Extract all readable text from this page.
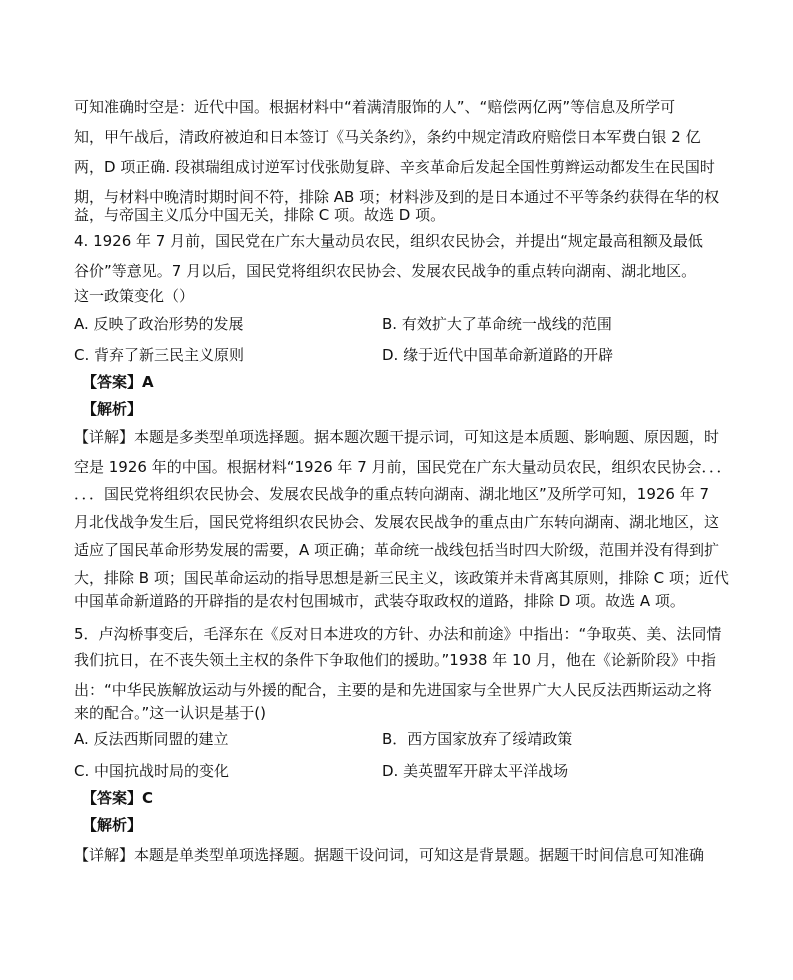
可知准确时空是：近代中国。根据材料中“着满清服饰的人”、“赔偿两亿两”等信息及所学可
知，甲午战后，清政府被迫和日本签订《马关条约》，条约中规定清政府赔偿日本军费白银 2 亿
两，D 项正确. 段祺瑞组成讨逆军讨伐张勋复辟、辛亥革命后发起全国性剪辫运动都发生在民国时
期，与材料中晚清时期时间不符，排除 AB 项；材料涉及到的是日本通过不平等条约获得在华的权
益，与帝国主义瓜分中国无关，排除 C 项。故选 D 项。
4. 1926 年 7 月前，国民党在广东大量动员农民，组织农民协会，并提出“规定最高租额及最低
谷价”等意见。7 月以后，国民党将组织农民协会、发展农民战争的重点转向湖南、湖北地区。
这一政策变化（）
A. 反映了政治形势的发展	B. 有效扩大了革命统一战线的范围
C. 背弃了新三民主义原则	D. 缘于近代中国革命新道路的开辟
【答案】A
【解析】
【详解】本题是多类型单项选择题。据本题次题干提示词，可知这是本质题、影响题、原因题，时
空是 1926 年的中国。根据材料“1926 年 7 月前，国民党在广东大量动员农民，组织农民协会．．．
．．．国民党将组织农民协会、发展农民战争的重点转向湖南、湖北地区”及所学可知，1926 年 7
月北伐战争发生后，国民党将组织农民协会、发展农民战争的重点由广东转向湖南、湖北地区，这
适应了国民革命形势发展的需要，A 项正确；革命统一战线包括当时四大阶级，范围并没有得到扩
大，排除 B 项；国民革命运动的指导思想是新三民主义，该政策并未背离其原则，排除 C 项；近代
中国革命新道路的开辟指的是农村包围城市，武装夺取政权的道路，排除 D 项。故选 A 项。
5．卢沟桥事变后，毛泽东在《反对日本进攻的方针、办法和前途》中指出：“争取英、美、法同情
我们抗日，在不丧失领土主权的条件下争取他们的援助。”1938 年 10 月，他在《论新阶段》中指
出：“中华民族解放运动与外援的配合，主要的是和先进国家与全世界广大人民反法西斯运动之将
来的配合。”这一认识是基于()
A. 反法西斯同盟的建立	B．西方国家放弃了绥靖政策
C. 中国抗战时局的变化	D. 美英盟军开辟太平洋战场
【答案】C
【解析】
【详解】本题是单类型单项选择题。据题干设问词，可知这是背景题。据题干时间信息可知准确
